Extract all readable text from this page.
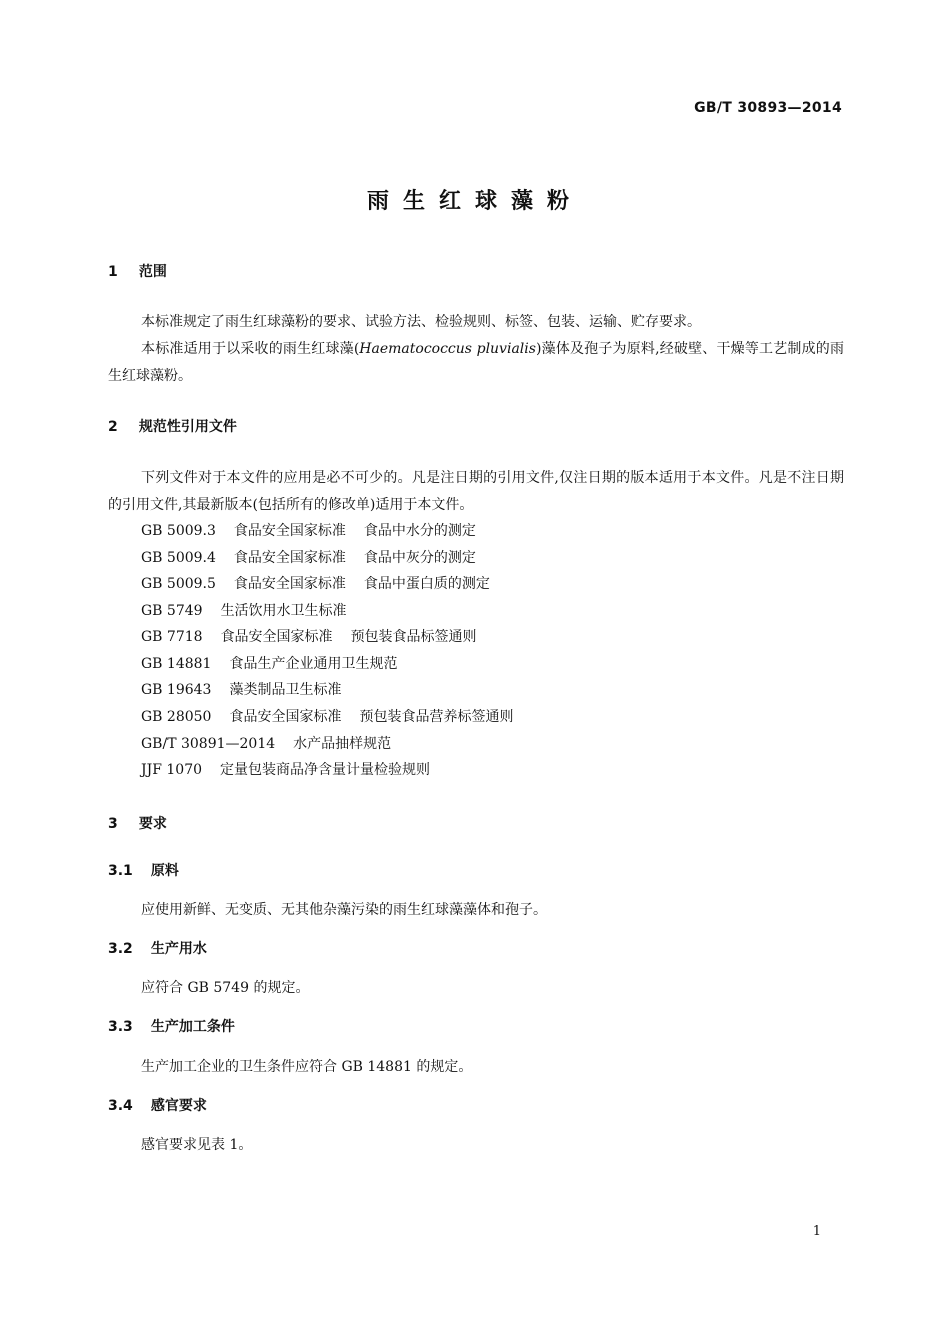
GB/T 30893—2014
雨生红球藻粉
1 范围

本标准规定了雨生红球藻粉的要求、试验方法、检验规则、标签、包装、运输、贮存要求。

本标准适用于以采收的雨生红球藻(Haematococcus pluvialis)藻体及孢子为原料,经破壁、干燥等工艺制成的雨生红球藻粉。

2 规范性引用文件

下列文件对于本文件的应用是必不可少的。凡是注日期的引用文件,仅注日期的版本适用于本文件。凡是不注日期的引用文件,其最新版本(包括所有的修改单)适用于本文件。

GB 5009.3 食品安全国家标准 食品中水分的测定
GB 5009.4 食品安全国家标准 食品中灰分的测定
GB 5009.5 食品安全国家标准 食品中蛋白质的测定
GB 5749 生活饮用水卫生标准
GB 7718 食品安全国家标准 预包装食品标签通则
GB 14881 食品生产企业通用卫生规范
GB 19643 藻类制品卫生标准
GB 28050 食品安全国家标准 预包装食品营养标签通则
GB/T 30891—2014 水产品抽样规范
JJF 1070 定量包装商品净含量计量检验规则
3 要求
3.1 原料

应使用新鲜、无变质、无其他杂藻污染的雨生红球藻藻体和孢子。

3.2 生产用水

应符合 GB 5749 的规定。

3.3 生产加工条件

生产加工企业的卫生条件应符合 GB 14881 的规定。

3.4 感官要求

感官要求见表 1。

1
